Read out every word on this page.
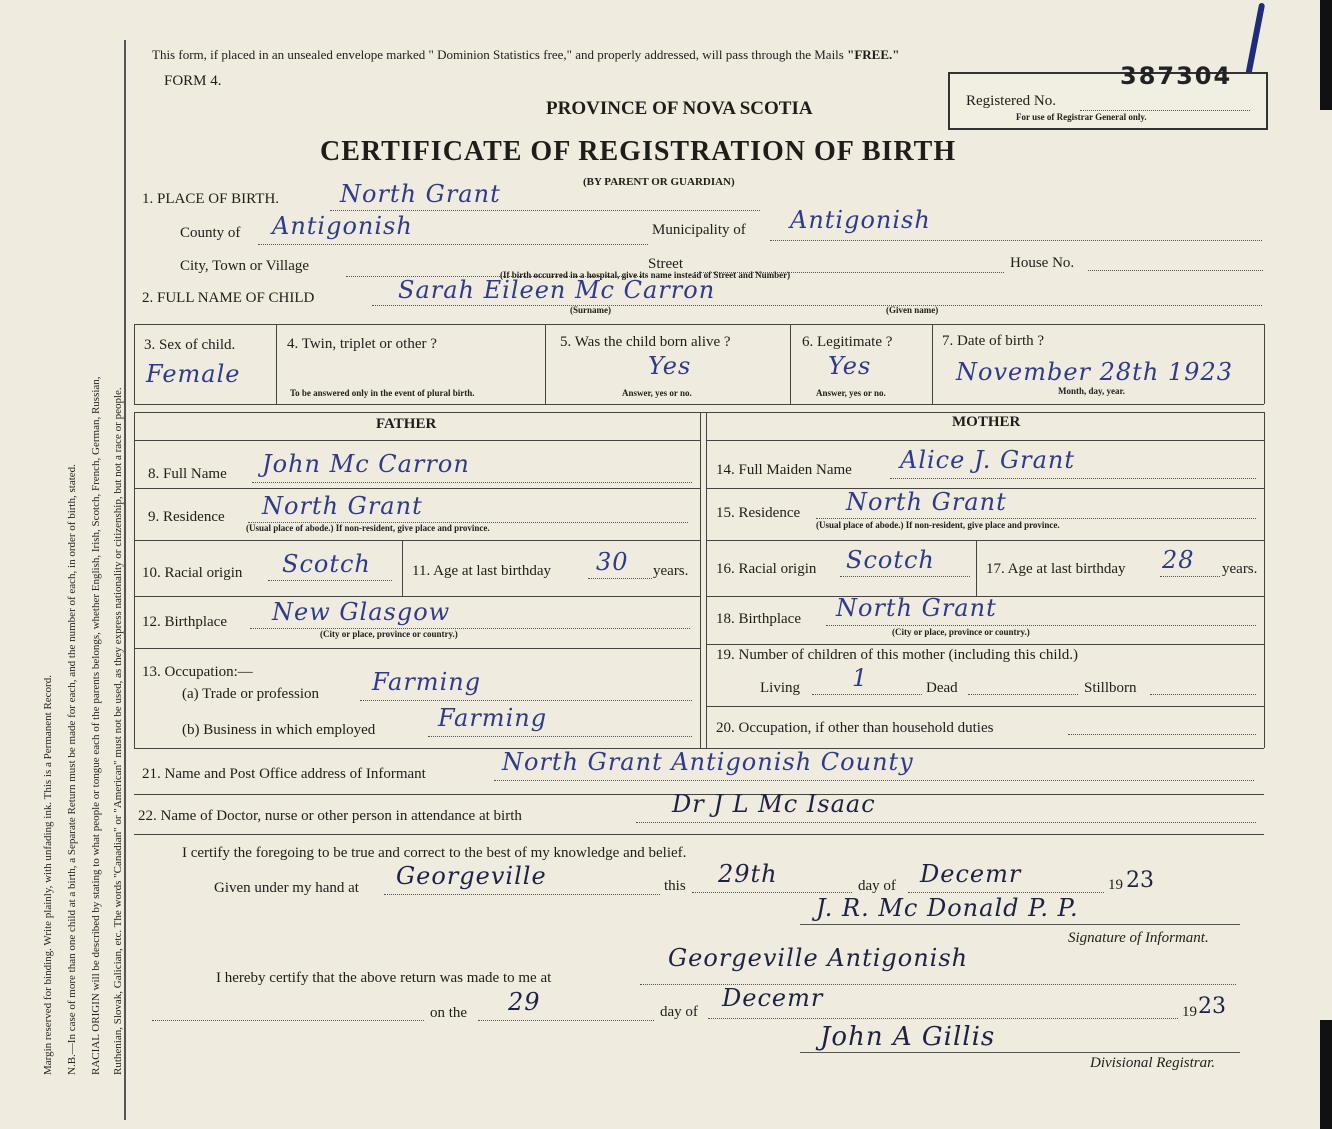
Margin reserved for binding. Write plainly, with unfading ink. This is a Permanent Record. N.B.—In case of more than one child at a birth, a Separate Return must be made for each, and the number of each, in order of birth, stated. RACIAL ORIGIN will be described by stating to what people or tongue each of the parents belongs, whether English, Irish, Scotch, French, German, Russian, Ruthenian, Slovak, Galician, etc. The words "Canadian" or "American" must not be used, as they express nationality or citizenship, but not a race or people.
This form, if placed in an unsealed envelope marked " Dominion Statistics free," and properly addressed, will pass through the Mails "FREE."
FORM 4.
PROVINCE OF NOVA SCOTIA
CERTIFICATE OF REGISTRATION OF BIRTH
(BY PARENT OR GUARDIAN)
Registered No.
387304
For use of Registrar General only.
1. PLACE OF BIRTH.	North Grant
County of Antigonish	Municipality of Antigonish
City, Town or Village	Street	House No.
(If birth occurred in a hospital, give its name instead of Street and Number)
2. FULL NAME OF CHILD	Sarah Eileen Mc Carron
(Surname)	(Given name)
3. Sex of child.
Female
4. Twin, triplet or other ?
To be answered only in the event of plural birth.
5. Was the child born alive ?
Yes
Answer, yes or no.
6. Legitimate ?
Yes
Answer, yes or no.
7. Date of birth ?
November 28th 1923
Month, day, year.
FATHER	MOTHER
8. Full Name John Mc Carron
9. Residence North Grant
(Usual place of abode.) If non-resident, give place and province.
10. Racial origin Scotch	11. Age at last birthday 30 years.
12. Birthplace New Glasgow
(City or place, province or country.)
13. Occupation:—
(a) Trade or profession Farming
(b) Business in which employed	Farming
14. Full Maiden Name Alice J. Grant
15. Residence North Grant
(Usual place of abode.) If non-resident, give place and province.
16. Racial origin Scotch	17. Age at last birthday 28 years.
18. Birthplace North Grant
(City or place, province or country.)
19. Number of children of this mother (including this child.)
Living 1	Dead	Stillborn
20. Occupation, if other than household duties
21. Name and Post Office address of Informant	North Grant Antigonish County
22. Name of Doctor, nurse or other person in attendance at birth	Dr J L Mc Isaac
I certify the foregoing to be true and correct to the best of my knowledge and belief.
Given under my hand at Georgeville	this 29th	day of Decemr	19 23
J. R. Mc Donald P. P.
Signature of Informant.
I hereby certify that the above return was made to me at
Georgeville Antigonish
on the 29	day of Decemr	19 23
John A Gillis
Divisional Registrar.
